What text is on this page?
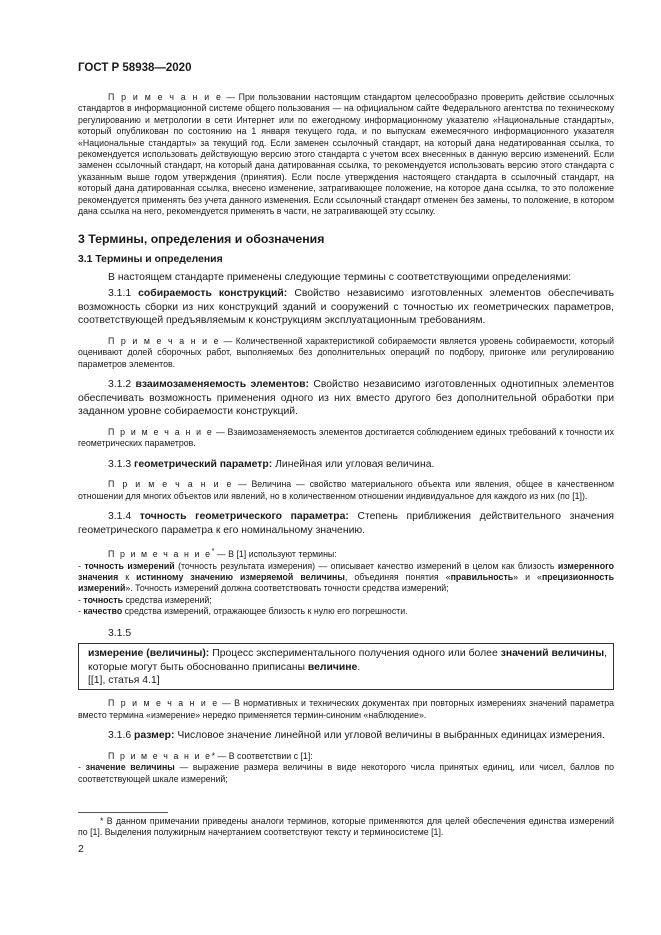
ГОСТ Р 58938—2020

П р и м е ч а н и е — При пользовании настоящим стандартом целесообразно проверить действие ссылочных стандартов в информационной системе общего пользования — на официальном сайте Федерального агентства по техническому регулированию и метрологии в сети Интернет или по ежегодному информационному указателю «Национальные стандарты», который опубликован по состоянию на 1 января текущего года, и по выпускам ежемесячного информационного указателя «Национальные стандарты» за текущий год. Если заменен ссылочный стандарт, на который дана недатированная ссылка, то рекомендуется использовать действующую версию этого стандарта с учетом всех внесенных в данную версию изменений. Если заменен ссылочный стандарт, на который дана датированная ссылка, то рекомендуется использовать версию этого стандарта с указанным выше годом утверждения (принятия). Если после утверждения настоящего стандарта в ссылочный стандарт, на который дана датированная ссылка, внесено изменение, затрагивающее положение, на которое дана ссылка, то это положение рекомендуется применять без учета данного изменения. Если ссылочный стандарт отменен без замены, то положение, в котором дана ссылка на него, рекомендуется применять в части, не затрагивающей эту ссылку.

3 Термины, определения и обозначения
3.1 Термины и определения

В настоящем стандарте применены следующие термины с соответствующими определениями:

3.1.1 собираемость конструкций: Свойство независимо изготовленных элементов обеспечивать возможность сборки из них конструкций зданий и сооружений с точностью их геометрических параметров, соответствующей предъявляемым к конструкциям эксплуатационным требованиям.

П р и м е ч а н и е — Количественной характеристикой собираемости является уровень собираемости, который оценивают долей сборочных работ, выполняемых без дополнительных операций по подбору, пригонке или регулированию параметров элементов.

3.1.2 взаимозаменяемость элементов: Свойство независимо изготовленных однотипных элементов обеспечивать возможность применения одного из них вместо другого без дополнительной обработки при заданном уровне собираемости конструкций.

П р и м е ч а н и е — Взаимозаменяемость элементов достигается соблюдением единых требований к точности их геометрических параметров.

3.1.3 геометрический параметр: Линейная или угловая величина.

П р и м е ч а н и е — Величина — свойство материального объекта или явления, общее в качественном отношении для многих объектов или явлений, но в количественном отношении индивидуальное для каждого из них (по [1]).

3.1.4 точность геометрического параметра: Степень приближения действительного значения геометрического параметра к его номинальному значению.

П р и м е ч а н и е* — В [1] используют термины:

- точность измерений (точность результата измерения) — описывает качество измерений в целом как близость измеренного значения к истинному значению измеряемой величины, объединяя понятия «правильность» и «прецизионность измерений». Точность измерений должна соответствовать точности средства измерений;

- точность средства измерений;

- качество средства измерений, отражающее близость к нулю его погрешности.

3.1.5

измерение (величины): Процесс экспериментального получения одного или более значений величины, которые могут быть обоснованно приписаны величине.

[[1], статья 4.1]

П р и м е ч а н и е — В нормативных и технических документах при повторных измерениях значений параметра вместо термина «измерение» нередко применяется термин-синоним «наблюдение».

3.1.6 размер: Числовое значение линейной или угловой величины в выбранных единицах измерения.

П р и м е ч а н и е* — В соответствии с [1]:

- значение величины — выражение размера величины в виде некоторого числа принятых единиц, или чисел, баллов по соответствующей шкале измерений;

* В данном примечании приведены аналоги терминов, которые применяются для целей обеспечения единства измерений по [1]. Выделения полужирным начертанием соответствуют тексту и терминосистеме [1].

2
